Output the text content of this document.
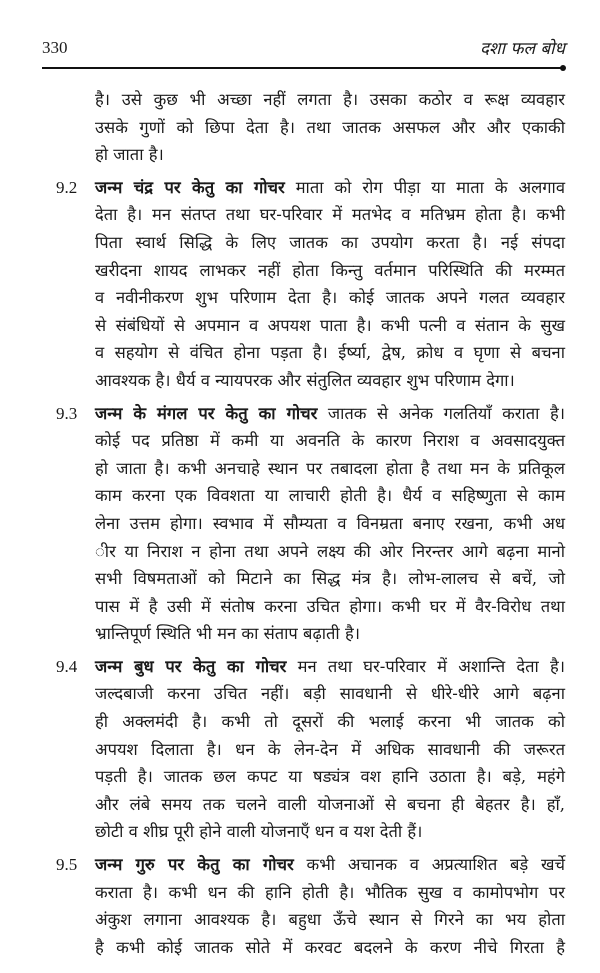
330	दशा फल बोध
है। उसे कुछ भी अच्छा नहीं लगता है। उसका कठोर व रूक्ष व्यवहार
उसके गुणों को छिपा देता है। तथा जातक असफल और और एकाकी
हो जाता है।
9.2 जन्म चंद्र पर केतु का गोचर माता को रोग पीड़ा या माता के अलगाव
देता है। मन संतप्त तथा घर-परिवार में मतभेद व मतिभ्रम होता है। कभी
पिता स्वार्थ सिद्धि के लिए जातक का उपयोग करता है। नई संपदा
खरीदना शायद लाभकर नहीं होता किन्तु वर्तमान परिस्थिति की मरम्मत
व नवीनीकरण शुभ परिणाम देता है। कोई जातक अपने गलत व्यवहार
से संबंधियों से अपमान व अपयश पाता है। कभी पत्नी व संतान के सुख
व सहयोग से वंचित होना पड़ता है। ईर्ष्या, द्वेष, क्रोध व घृणा से बचना
आवश्यक है। धैर्य व न्यायपरक और संतुलित व्यवहार शुभ परिणाम देगा।
9.3 जन्म के मंगल पर केतु का गोचर जातक से अनेक गलतियाँ कराता है।
कोई पद प्रतिष्ठा में कमी या अवनति के कारण निराश व अवसादयुक्त
हो जाता है। कभी अनचाहे स्थान पर तबादला होता है तथा मन के प्रतिकूल
काम करना एक विवशता या लाचारी होती है। धैर्य व सहिष्णुता से काम
लेना उत्तम होगा। स्वभाव में सौम्यता व विनम्रता बनाए रखना, कभी अध
ीर या निराश न होना तथा अपने लक्ष्य की ओर निरन्तर आगे बढ़ना मानो
सभी विषमताओं को मिटाने का सिद्ध मंत्र है। लोभ-लालच से बचें, जो
पास में है उसी में संतोष करना उचित होगा। कभी घर में वैर-विरोध तथा
भ्रान्तिपूर्ण स्थिति भी मन का संताप बढ़ाती है।
9.4 जन्म बुध पर केतु का गोचर मन तथा घर-परिवार में अशान्ति देता है।
जल्दबाजी करना उचित नहीं। बड़ी सावधानी से धीरे-धीरे आगे बढ़ना
ही अक्लमंदी है। कभी तो दूसरों की भलाई करना भी जातक को
अपयश दिलाता है। धन के लेन-देन में अधिक सावधानी की जरूरत
पड़ती है। जातक छल कपट या षड्यंत्र वश हानि उठाता है। बड़े, महंगे
और लंबे समय तक चलने वाली योजनाओं से बचना ही बेहतर है। हाँ,
छोटी व शीघ्र पूरी होने वाली योजनाएँ धन व यश देती हैं।
9.5 जन्म गुरु पर केतु का गोचर कभी अचानक व अप्रत्याशित बड़े खर्चे
कराता है। कभी धन की हानि होती है। भौतिक सुख व कामोपभोग पर
अंकुश लगाना आवश्यक है। बहुधा ऊँचे स्थान से गिरने का भय होता
है कभी कोई जातक सोते में करवट बदलने के करण नीचे गिरता है
